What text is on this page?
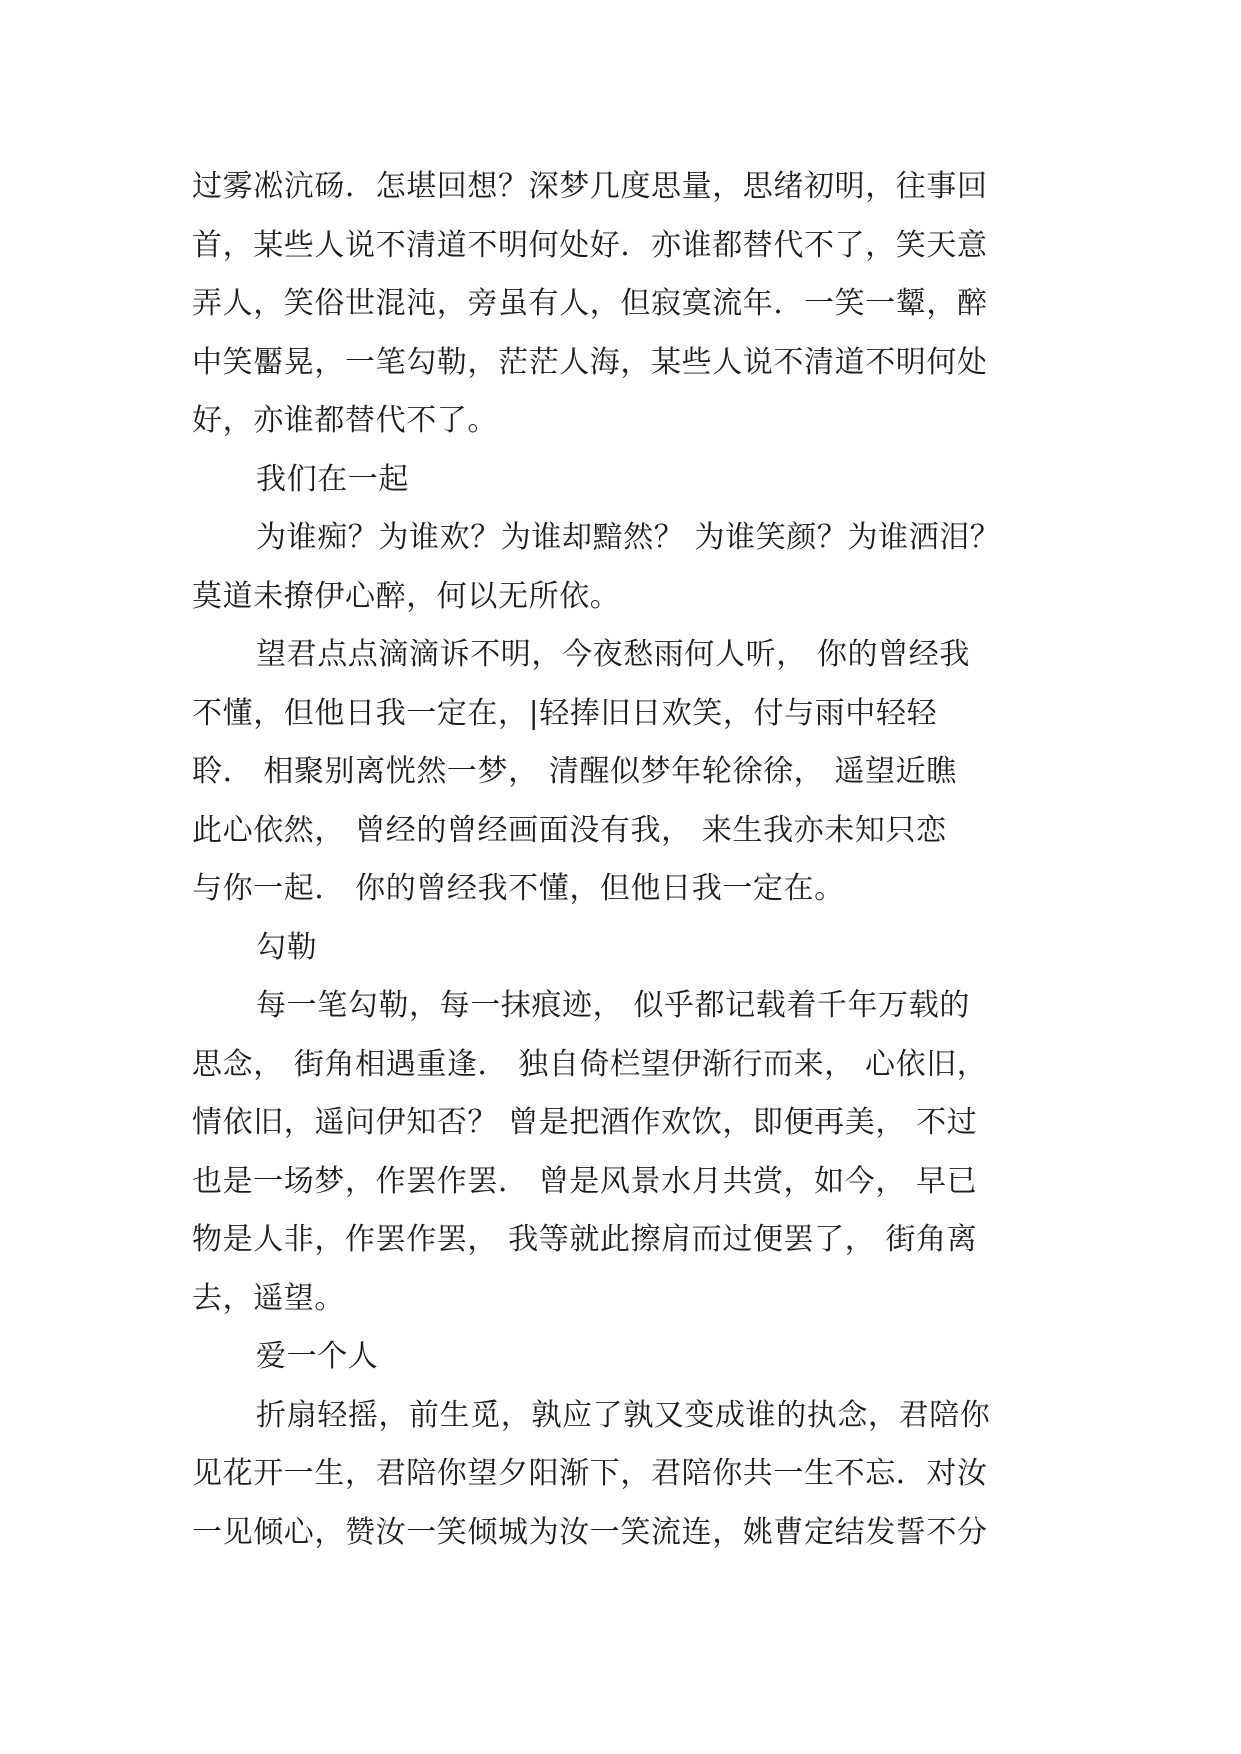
过雾凇沆砀．怎堪回想？深梦几度思量，思绪初明，往事回
首，某些人说不清道不明何处好．亦谁都替代不了，笑天意
弄人，笑俗世混沌，旁虽有人，但寂寞流年．一笑一颦，醉
中笑靨晃，一笔勾勒，茫茫人海，某些人说不清道不明何处
好，亦谁都替代不了。

我们在一起

为谁痴？为谁欢？为谁却黯然？ 为谁笑颜？为谁洒泪？
莫道未撩伊心醉，何以无所依。

望君点点滴滴诉不明，今夜愁雨何人听， 你的曾经我
不懂，但他日我一定在，|轻捧旧日欢笑，付与雨中轻轻
聆． 相聚别离恍然一梦， 清醒似梦年轮徐徐， 遥望近瞧
此心依然， 曾经的曾经画面没有我， 来生我亦未知只恋
与你一起． 你的曾经我不懂，但他日我一定在。

勾勒

每一笔勾勒，每一抹痕迹， 似乎都记载着千年万载的
思念， 街角相遇重逢． 独自倚栏望伊渐行而来， 心依旧，
情依旧，遥问伊知否？ 曾是把酒作欢饮，即便再美， 不过
也是一场梦，作罢作罢． 曾是风景水月共赏，如今， 早已
物是人非，作罢作罢， 我等就此擦肩而过便罢了， 街角离
去，遥望。

爱一个人

折扇轻摇，前生觅，孰应了孰又变成谁的执念，君陪你
见花开一生，君陪你望夕阳渐下，君陪你共一生不忘．对汝
一见倾心，赞汝一笑倾城为汝一笑流连，姚曹定结发誓不分
